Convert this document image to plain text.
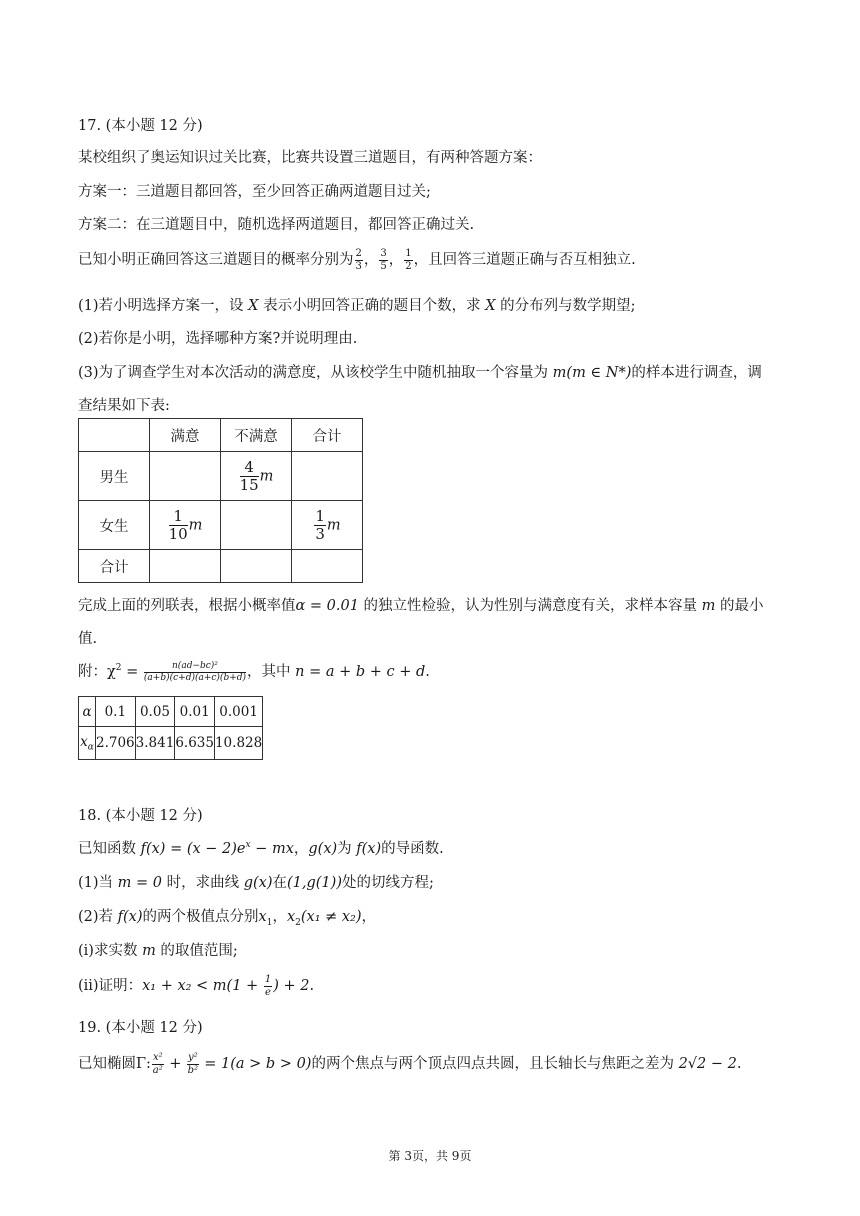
17. (本小题 12 分)
某校组织了奥运知识过关比赛，比赛共设置三道题目，有两种答题方案：
方案一：三道题目都回答，至少回答正确两道题目过关;
方案二：在三道题目中，随机选择两道题目，都回答正确过关.
已知小明正确回答这三道题目的概率分别为 $\frac{2}{3}$ ， $\frac{3}{5}$ ， $\frac{1}{2}$ ，且回答三道题正确与否互相独立.
(1)若小明选择方案一，设 X 表示小明回答正确的题目个数，求 X 的分布列与数学期望;
(2)若你是小明，选择哪种方案?并说明理由.
(3)为了调查学生对本次活动的满意度，从该校学生中随机抽取一个容量为 m(m ∈ N*)的样本进行调查，调
查结果如下表:
	满意	不满意	合计
男生		$\frac{4}{15}$ m	
女生	$\frac{1}{10}$ m		$\frac{1}{3}$ m
合计			
完成上面的列联表，根据小概率值α = 0.01 的独立性检验，认为性别与满意度有关，求样本容量 m 的最小
值.
附：$\chi^2 = \frac{\text{n(ad−bc)²}}{(a+b)(c+d)(a+c)(b+d)}$ ，其中 n = a + b + c + d.
α	0.1	0.05	0.01	0.001
$x_\alpha$	2.706	3.841	6.635	10.828
18. (本小题 12 分)
已知函数 $f(x) = (x - 2)e^x$ − mx，g(x)为 f(x)的导函数.
(1)当 m = 0 时，求曲线 g(x)在(1,g(1))处的切线方程;
(2)若 f(x)的两个极值点分别$x_1$，$x_2(x_1 \ne x_2)$，
(ⅰ)求实数 m 的取值范围;
(ⅱ)证明：$x_1 + x_2 < m(1 + \frac{1}{e}$ ) + 2.
19. (本小题 12 分)
已知椭圆Γ: $\frac{\text{x²}}{\text{a²}} + \frac{\text{y²}}{\text{b²}} = 1(a > b > 0)$的两个焦点与两个顶点四点共圆，且长轴长与焦距之差为 2√2 − 2.
第 3页，共 9页
